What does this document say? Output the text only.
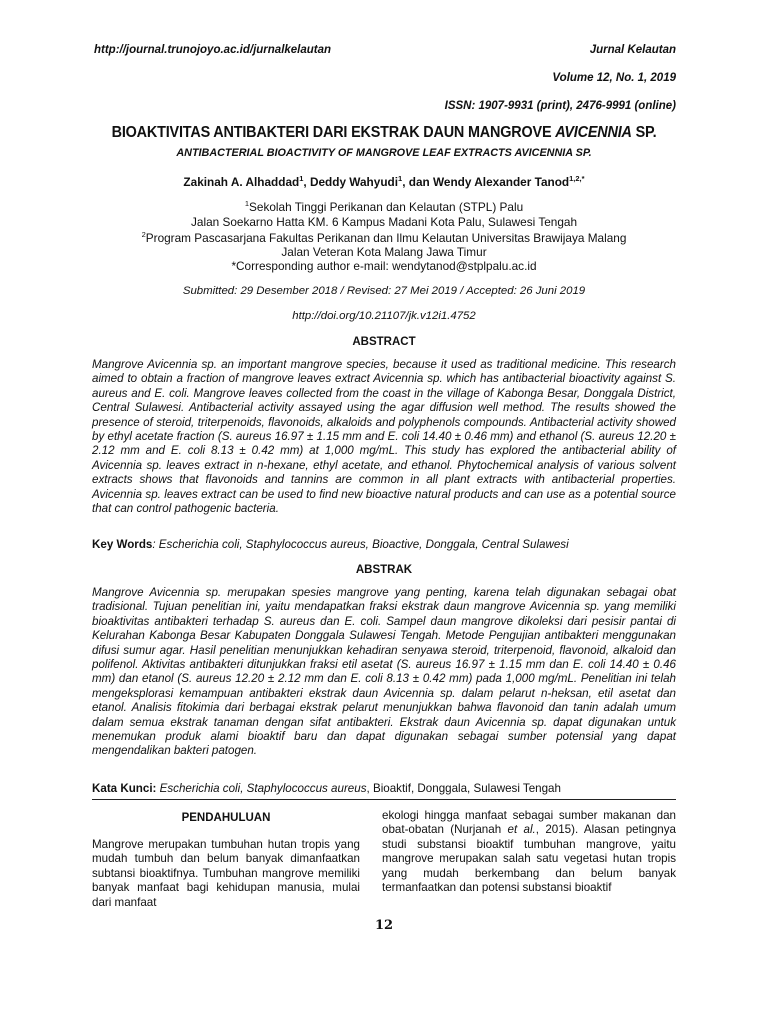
http://journal.trunojoyo.ac.id/jurnalkelautan	Jurnal Kelautan
Volume 12, No. 1, 2019
ISSN: 1907-9931 (print), 2476-9991 (online)
BIOAKTIVITAS ANTIBAKTERI DARI EKSTRAK DAUN MANGROVE AVICENNIA SP.
ANTIBACTERIAL BIOACTIVITY OF MANGROVE LEAF EXTRACTS AVICENNIA SP.
Zakinah A. Alhaddad$^1$, Deddy Wahyudi$^1$, dan Wendy Alexander Tanod$^{1,2,*}$
$^1$Sekolah Tinggi Perikanan dan Kelautan (STPL) Palu
Jalan Soekarno Hatta KM. 6 Kampus Madani Kota Palu, Sulawesi Tengah
$^2$Program Pascasarjana Fakultas Perikanan dan Ilmu Kelautan Universitas Brawijaya Malang
Jalan Veteran Kota Malang Jawa Timur
*Corresponding author e-mail: wendytanod@stplpalu.ac.id
Submitted: 29 Desember 2018 / Revised: 27 Mei 2019 / Accepted: 26 Juni 2019
http://doi.org/10.21107/jk.v12i1.4752
ABSTRACT
Mangrove Avicennia sp. an important mangrove species, because it used as traditional medicine. This research aimed to obtain a fraction of mangrove leaves extract Avicennia sp. which has antibacterial bioactivity against S. aureus and E. coli. Mangrove leaves collected from the coast in the village of Kabonga Besar, Donggala District, Central Sulawesi. Antibacterial activity assayed using the agar diffusion well method. The results showed the presence of steroid, triterpenoids, flavonoids, alkaloids and polyphenols compounds. Antibacterial activity showed by ethyl acetate fraction (S. aureus 16.97 ± 1.15 mm and E. coli 14.40 ± 0.46 mm) and ethanol (S. aureus 12.20 ± 2.12 mm and E. coli 8.13 ± 0.42 mm) at 1,000 mg/mL. This study has explored the antibacterial ability of Avicennia sp. leaves extract in n-hexane, ethyl acetate, and ethanol. Phytochemical analysis of various solvent extracts shows that flavonoids and tannins are common in all plant extracts with antibacterial properties. Avicennia sp. leaves extract can be used to find new bioactive natural products and can use as a potential source that can control pathogenic bacteria.
Key Words: Escherichia coli, Staphylococcus aureus, Bioactive, Donggala, Central Sulawesi
ABSTRAK
Mangrove Avicennia sp. merupakan spesies mangrove yang penting, karena telah digunakan sebagai obat tradisional. Tujuan penelitian ini, yaitu mendapatkan fraksi ekstrak daun mangrove Avicennia sp. yang memiliki bioaktivitas antibakteri terhadap S. aureus dan E. coli. Sampel daun mangrove dikoleksi dari pesisir pantai di Kelurahan Kabonga Besar Kabupaten Donggala Sulawesi Tengah. Metode Pengujian antibakteri menggunakan difusi sumur agar. Hasil penelitian menunjukkan kehadiran senyawa steroid, triterpenoid, flavonoid, alkaloid dan polifenol. Aktivitas antibakteri ditunjukkan fraksi etil asetat (S. aureus 16.97 ± 1.15 mm dan E. coli 14.40 ± 0.46 mm) dan etanol (S. aureus 12.20 ± 2.12 mm dan E. coli 8.13 ± 0.42 mm) pada 1,000 mg/mL. Penelitian ini telah mengeksplorasi kemampuan antibakteri ekstrak daun Avicennia sp. dalam pelarut n-heksan, etil asetat dan etanol. Analisis fitokimia dari berbagai ekstrak pelarut menunjukkan bahwa flavonoid dan tanin adalah umum dalam semua ekstrak tanaman dengan sifat antibakteri. Ekstrak daun Avicennia sp. dapat digunakan untuk menemukan produk alami bioaktif baru dan dapat digunakan sebagai sumber potensial yang dapat mengendalikan bakteri patogen.
Kata Kunci: Escherichia coli, Staphylococcus aureus, Bioaktif, Donggala, Sulawesi Tengah
PENDAHULUAN
Mangrove merupakan tumbuhan hutan tropis yang mudah tumbuh dan belum banyak dimanfaatkan subtansi bioaktifnya. Tumbuhan mangrove memiliki banyak manfaat bagi kehidupan manusia, mulai dari manfaat
ekologi hingga manfaat sebagai sumber makanan dan obat-obatan (Nurjanah et al., 2015). Alasan petingnya studi substansi bioaktif tumbuhan mangrove, yaitu mangrove merupakan salah satu vegetasi hutan tropis yang mudah berkembang dan belum banyak termanfaatkan dan potensi substansi bioaktif
12
